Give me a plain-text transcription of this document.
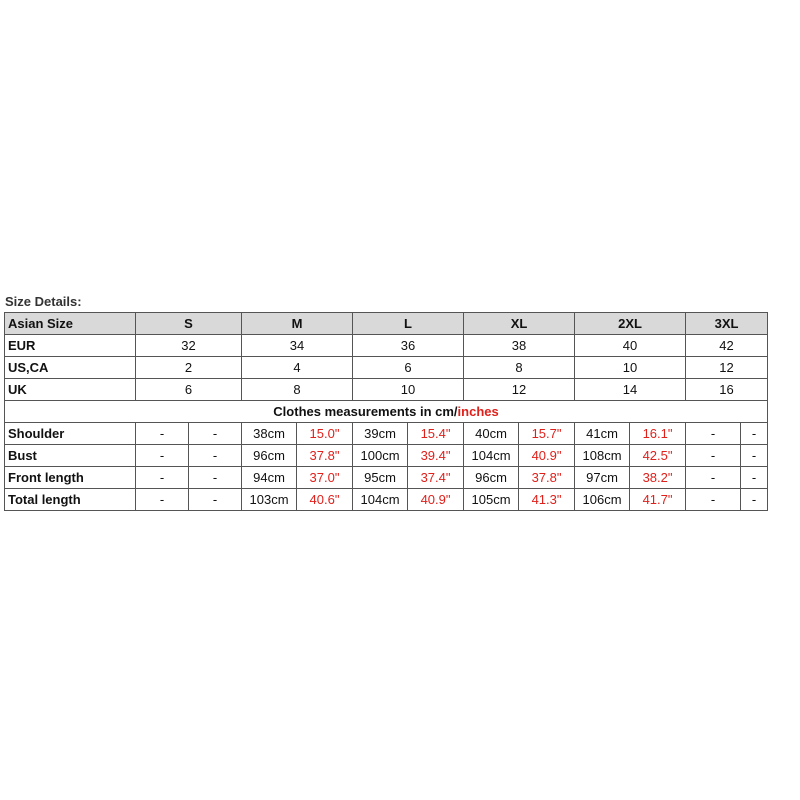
Size Details:
Asian Size	S		M		L		XL		2XL		3XL	
EUR	32		34		36		38		40		42	
US,CA	2		4		6		8		10		12	
UK	6		8		10		12		14		16	
Clothes measurements in cm/inches												
Shoulder	-	-	38cm	15.0"	39cm	15.4"	40cm	15.7"	41cm	16.1"	-	-
Bust	-	-	96cm	37.8"	100cm	39.4"	104cm	40.9"	108cm	42.5"	-	-
Front length	-	-	94cm	37.0"	95cm	37.4"	96cm	37.8"	97cm	38.2"	-	-
Total length	-	-	103cm	40.6"	104cm	40.9"	105cm	41.3"	106cm	41.7"	-	-
